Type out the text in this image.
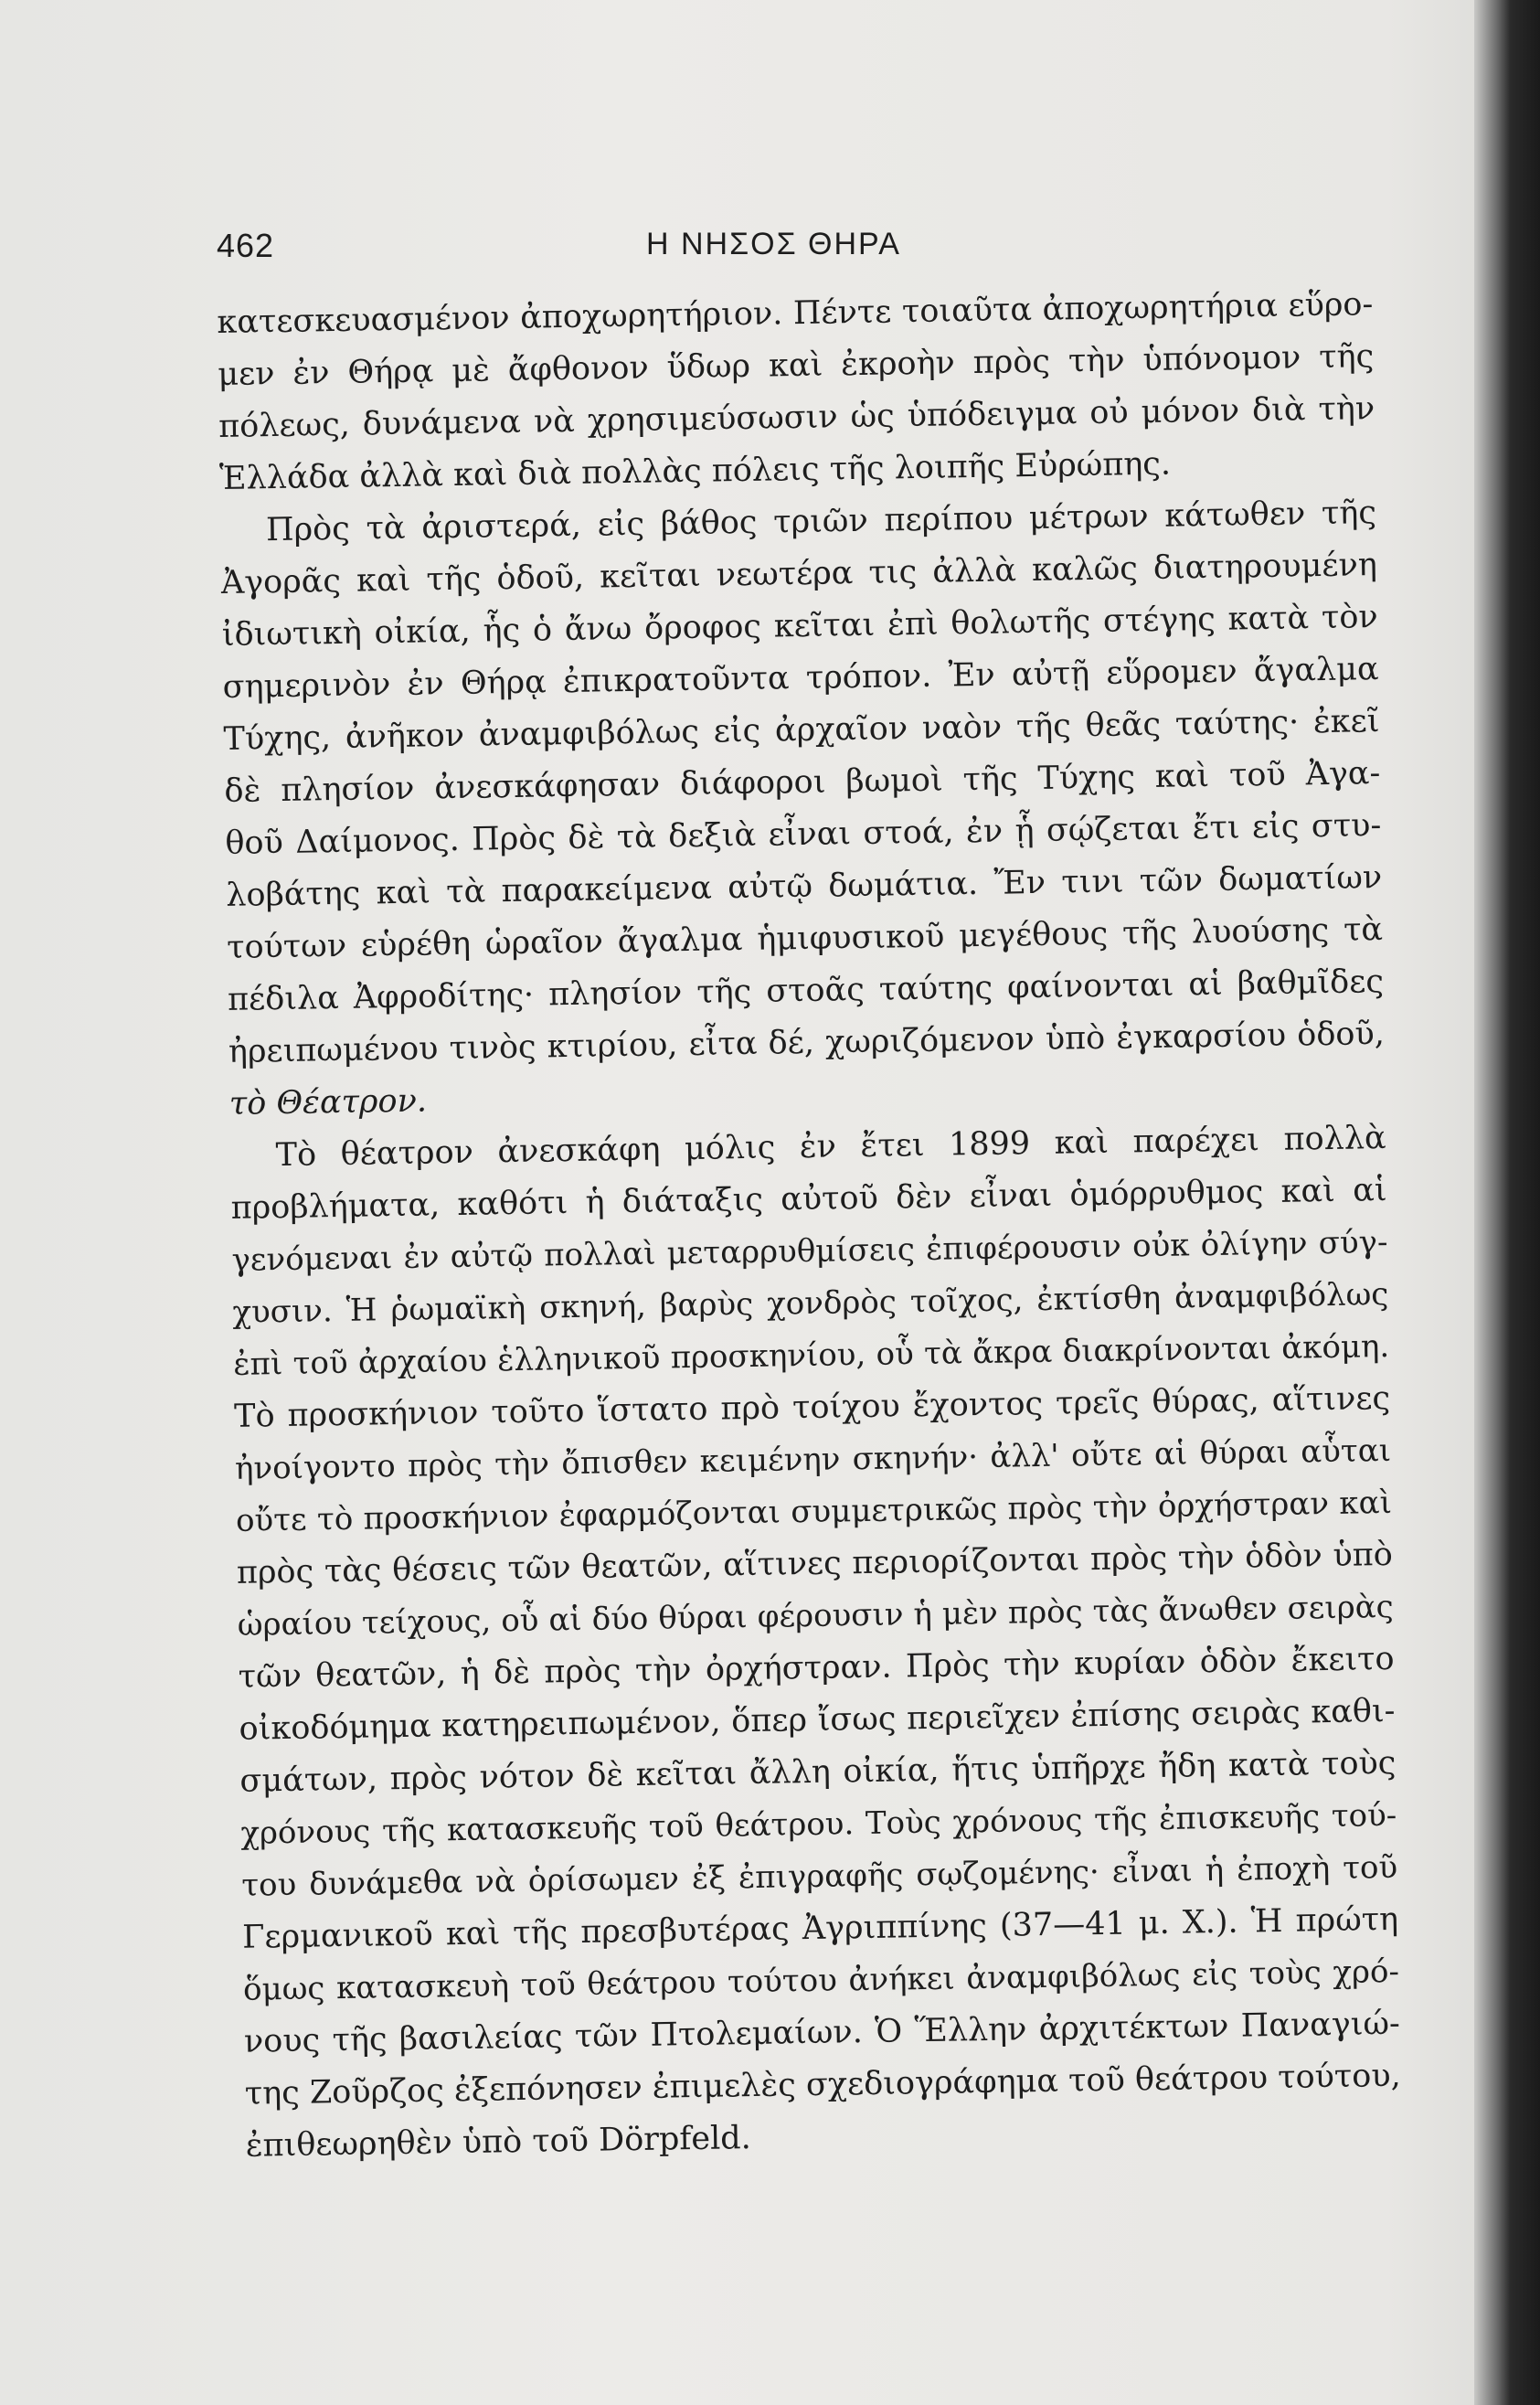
462	Η ΝΗΣΟΣ ΘΗΡΑ
κατεσκευασμένον ἀποχωρητήριον. Πέντε τοιαῦτα ἀποχωρητήρια εὕρο-
μεν ἐν Θήρᾳ μὲ ἄφθονον ὕδωρ καὶ ἐκροὴν πρὸς τὴν ὑπόνομον τῆς
πόλεως, δυνάμενα νὰ χρησιμεύσωσιν ὡς ὑπόδειγμα οὐ μόνον διὰ τὴν
Ἑλλάδα ἀλλὰ καὶ διὰ πολλὰς πόλεις τῆς λοιπῆς Εὐρώπης.
Πρὸς τὰ ἀριστερά, εἰς βάθος τριῶν περίπου μέτρων κάτωθεν τῆς
Ἀγορᾶς καὶ τῆς ὁδοῦ, κεῖται νεωτέρα τις ἀλλὰ καλῶς διατηρουμένη
ἰδιωτικὴ οἰκία, ἧς ὁ ἄνω ὄροφος κεῖται ἐπὶ θολωτῆς στέγης κατὰ τὸν
σημερινὸν ἐν Θήρᾳ ἐπικρατοῦντα τρόπον. Ἐν αὐτῇ εὕρομεν ἄγαλμα
Τύχης, ἀνῆκον ἀναμφιβόλως εἰς ἀρχαῖον ναὸν τῆς θεᾶς ταύτης· ἐκεῖ
δὲ πλησίον ἀνεσκάφησαν διάφοροι βωμοὶ τῆς Τύχης καὶ τοῦ Ἀγα-
θοῦ Δαίμονος. Πρὸς δὲ τὰ δεξιὰ εἶναι στοά, ἐν ᾗ σῴζεται ἔτι εἰς στυ-
λοβάτης καὶ τὰ παρακείμενα αὐτῷ δωμάτια. Ἔν τινι τῶν δωματίων
τούτων εὑρέθη ὡραῖον ἄγαλμα ἡμιφυσικοῦ μεγέθους τῆς λυούσης τὰ
πέδιλα Ἀφροδίτης· πλησίον τῆς στοᾶς ταύτης φαίνονται αἱ βαθμῖδες
ἠρειπωμένου τινὸς κτιρίου, εἶτα δέ, χωριζόμενον ὑπὸ ἐγκαρσίου ὁδοῦ,
τὸ Θέατρον.
Τὸ θέατρον ἀνεσκάφη μόλις ἐν ἔτει 1899 καὶ παρέχει πολλὰ
προβλήματα, καθότι ἡ διάταξις αὐτοῦ δὲν εἶναι ὁμόρρυθμος καὶ αἱ
γενόμεναι ἐν αὐτῷ πολλαὶ μεταρρυθμίσεις ἐπιφέρουσιν οὐκ ὀλίγην σύγ-
χυσιν. Ἡ ῥωμαϊκὴ σκηνή, βαρὺς χονδρὸς τοῖχος, ἐκτίσθη ἀναμφιβόλως
ἐπὶ τοῦ ἀρχαίου ἑλληνικοῦ προσκηνίου, οὗ τὰ ἄκρα διακρίνονται ἀκόμη.
Τὸ προσκήνιον τοῦτο ἵστατο πρὸ τοίχου ἔχοντος τρεῖς θύρας, αἵτινες
ἠνοίγοντο πρὸς τὴν ὄπισθεν κειμένην σκηνήν· ἀλλ' οὔτε αἱ θύραι αὗται
οὔτε τὸ προσκήνιον ἐφαρμόζονται συμμετρικῶς πρὸς τὴν ὀρχήστραν καὶ
πρὸς τὰς θέσεις τῶν θεατῶν, αἵτινες περιορίζονται πρὸς τὴν ὁδὸν ὑπὸ
ὡραίου τείχους, οὗ αἱ δύο θύραι φέρουσιν ἡ μὲν πρὸς τὰς ἄνωθεν σειρὰς
τῶν θεατῶν, ἡ δὲ πρὸς τὴν ὀρχήστραν. Πρὸς τὴν κυρίαν ὁδὸν ἔκειτο
οἰκοδόμημα κατηρειπωμένον, ὅπερ ἴσως περιεῖχεν ἐπίσης σειρὰς καθι-
σμάτων, πρὸς νότον δὲ κεῖται ἄλλη οἰκία, ἥτις ὑπῆρχε ἤδη κατὰ τοὺς
χρόνους τῆς κατασκευῆς τοῦ θεάτρου. Τοὺς χρόνους τῆς ἐπισκευῆς τού-
του δυνάμεθα νὰ ὁρίσωμεν ἐξ ἐπιγραφῆς σῳζομένης· εἶναι ἡ ἐποχὴ τοῦ
Γερμανικοῦ καὶ τῆς πρεσβυτέρας Ἀγριππίνης (37—41 μ. Χ.). Ἡ πρώτη
ὅμως κατασκευὴ τοῦ θεάτρου τούτου ἀνήκει ἀναμφιβόλως εἰς τοὺς χρό-
νους τῆς βασιλείας τῶν Πτολεμαίων. Ὁ Ἕλλην ἀρχιτέκτων Παναγιώ-
της Ζοῦρζος ἐξεπόνησεν ἐπιμελὲς σχεδιογράφημα τοῦ θεάτρου τούτου,
ἐπιθεωρηθὲν ὑπὸ τοῦ Dörpfeld.
